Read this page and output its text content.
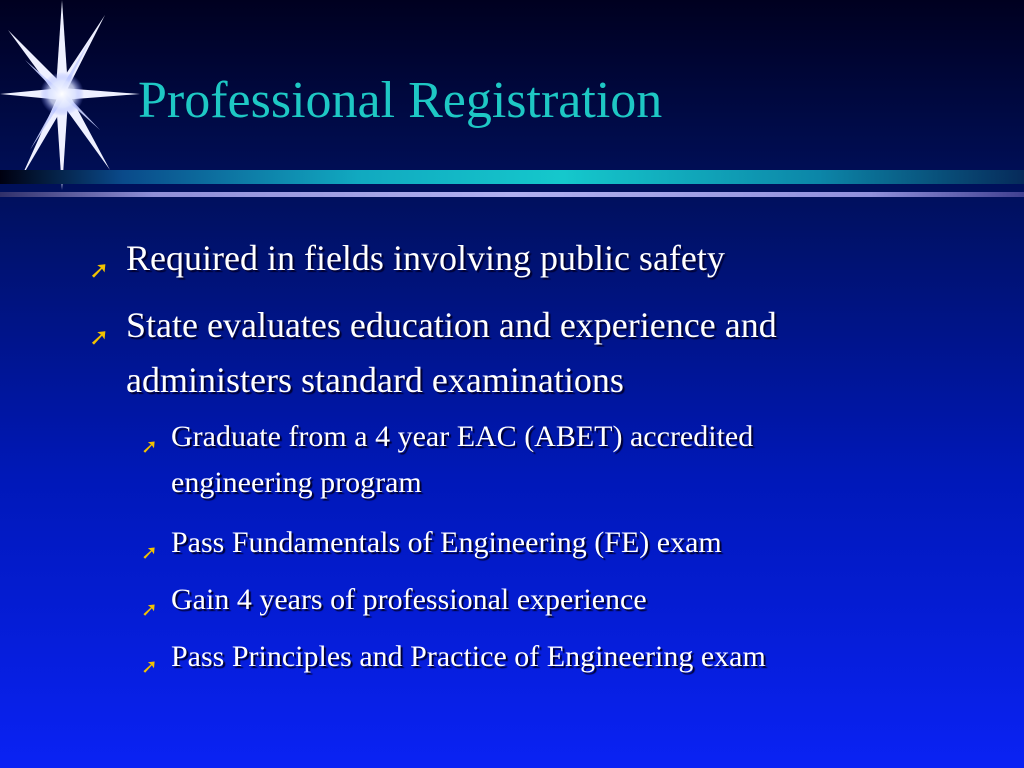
Professional Registration
➚ Required in fields involving public safety
➚ State evaluates education and experience and administers standard examinations
➚ Graduate from a 4 year EAC (ABET) accredited engineering program
➚ Pass Fundamentals of Engineering (FE) exam
➚ Gain 4 years of professional experience
➚ Pass Principles and Practice of Engineering exam
